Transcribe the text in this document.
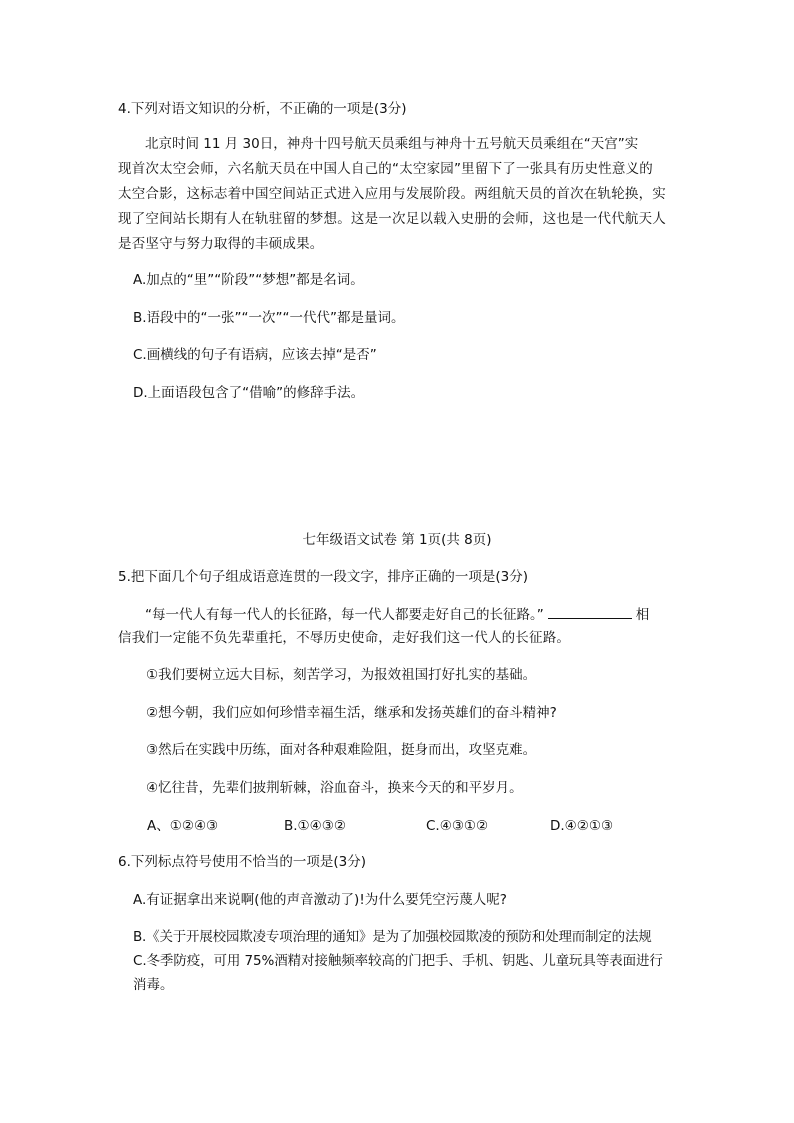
4.下列对语文知识的分析，不正确的一项是(3分)
北京时间 11 月 30日，神舟十四号航天员乘组与神舟十五号航天员乘组在“天宫”实
现首次太空会师，六名航天员在中国人自己的“太空家园”里留下了一张具有历史性意义的
太空合影，这标志着中国空间站正式进入应用与发展阶段。两组航天员的首次在轨轮换，实
现了空间站长期有人在轨驻留的梦想。这是一次足以载入史册的会师，这也是一代代航天人
是否坚守与努力取得的丰硕成果。
A.加点的“里”“阶段”“梦想”都是名词。
B.语段中的“一张”“一次”“一代代”都是量词。
C.画横线的句子有语病，应该去掉“是否”
D.上面语段包含了“借喻”的修辞手法。
七年级语文试卷 第 1页(共 8页)
5.把下面几个句子组成语意连贯的一段文字，排序正确的一项是(3分)
“每一代人有每一代人的长征路，每一代人都要走好自己的长征路。”	相
信我们一定能不负先辈重托，不辱历史使命，走好我们这一代人的长征路。
①我们要树立远大目标，刻苦学习，为报效祖国打好扎实的基础。
②想今朝，我们应如何珍惜幸福生活，继承和发扬英雄们的奋斗精神?
③然后在实践中历练，面对各种艰难险阻，挺身而出，攻坚克难。
④忆往昔，先辈们披荆斩棘，浴血奋斗，换来今天的和平岁月。
A、①②④③	B.①④③②	C.④③①②	D.④②①③
6.下列标点符号使用不恰当的一项是(3分)
A.有证据拿出来说啊(他的声音激动了)!为什么要凭空污蔑人呢?
B.《关于开展校园欺凌专项治理的通知》是为了加强校园欺凌的预防和处理而制定的法规
C.冬季防疫，可用 75%酒精对接触频率较高的门把手、手机、钥匙、儿童玩具等表面进行
消毒。
